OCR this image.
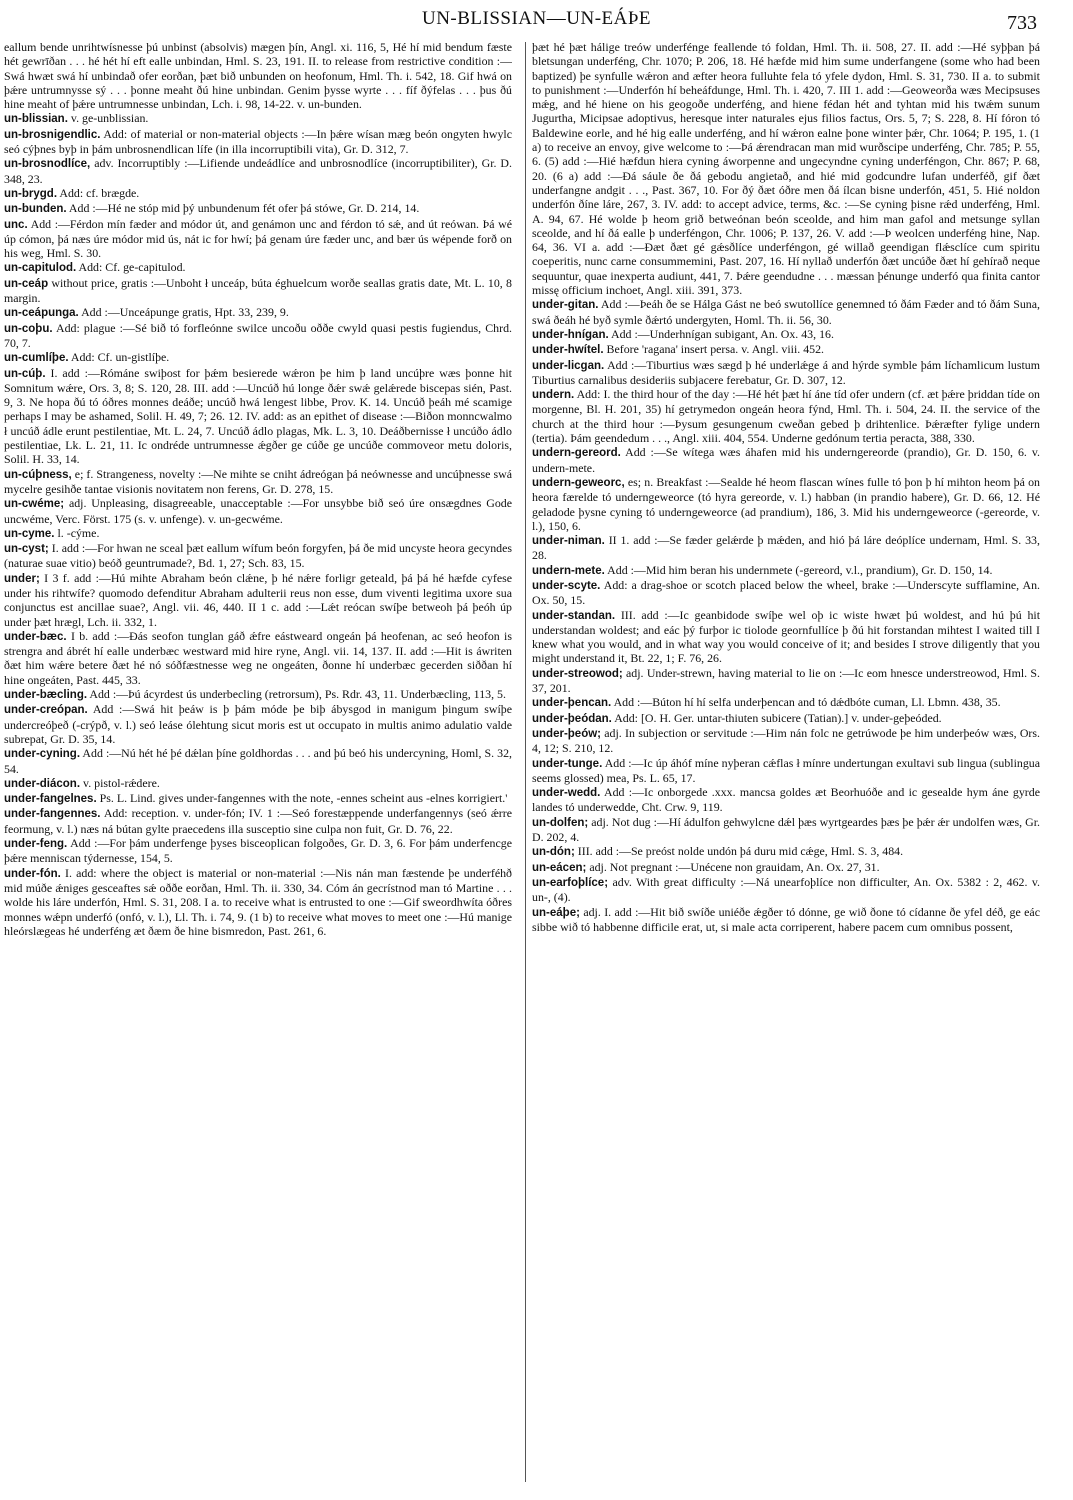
UN-BLISSIAN—UN-EÁÞE	733

eallum bende unrihtwísnesse þú unbinst (absolvis) mægen þín, Angl. xi. 116, 5, Hé hí mid bendum fæste hét gewrīðan . . . hé hét hí eft ealle unbindan, Hml. S. 23, 191. II. to release from restrictive condition :—Swá hwæt swá hí unbindað ofer eorðan, þæt bið unbunden on heofonum, Hml. Th. i. 542, 18. Gif hwá on þǽre untrumnysse sý . . . þonne meaht ðú hine unbindan. Genim þysse wyrte . . . fíf ðýfelas . . . þus ðú hine meaht of þǽre untrumnesse unbindan, Lch. i. 98, 14-22. v. un-bunden.

un-blissian. v. ge-unblissian.

un-brosnigendlic. Add: of material or non-material objects :—In þǽre wísan mæg beón ongyten hwylc seó cýþnes byþ in þám unbrosnendlican lífe (in illa incorruptibili vita), Gr. D. 312, 7.

un-brosnodlíce, adv. Incorruptibly :—Lifiende undeádlíce and unbrosnodlíce (incorruptibiliter), Gr. D. 348, 23.

un-brygd. Add: cf. brægde.

un-bunden. Add :—Hé ne stóp mid þý unbundenum fét ofer þá stówe, Gr. D. 214, 14.

unc. Add :—Férdon mín fæder and módor út, and genámon unc and férdon tó sǽ, and út reówan. Þá wé úp cómon, þá næs úre módor mid ús, nát ic for hwí; þá genam úre fæder unc, and bær ús wépende forð on his weg, Hml. S. 30.

un-capitulod. Add: Cf. ge-capitulod.

un-ceáp without price, gratis :—Unboht ł unceáp, búta éghuelcum worðe seallas gratis date, Mt. L. 10, 8 margin.

un-ceápunga. Add :—Unceápunge gratis, Hpt. 33, 239, 9.

un-coþu. Add: plague :—Sé bið tó forfleónne swilce uncoðu oððe cwyld quasi pestis fugiendus, Chrd. 70, 7.

un-cumlíþe. Add: Cf. un-gistlíþe.

un-cúþ. I. add :—Rómáne swiþost for þǽm besierede wǽron þe him þ land uncúþre wæs þonne hit Somnitum wǽre, Ors. 3, 8; S. 120, 28. III. add :—Uncúð hú longe ðǽr swǽ gelǽrede biscepas sién, Past. 9, 3. Ne hopa ðú tó óðres monnes deáðe; uncúð hwá lengest libbe, Prov. K. 14. Uncúð þeáh mé scamige perhaps I may be ashamed, Solil. H. 49, 7; 26. 12. IV. add: as an epithet of disease :—Biðon monncwalmo ł uncúð ádle erunt pestilentiae, Mt. L. 24, 7. Uncúð ádlo plagas, Mk. L. 3, 10. Deáðbernisse ł uncúðo ádlo pestilentiae, Lk. L. 21, 11. Ic ondréde untrumnesse ǽgðer ge cúðe ge uncúðe commoveor metu doloris, Solil. H. 33, 14.

un-cúþness, e; f. Strangeness, novelty :—Ne mihte se cniht ádreógan þá neównesse and uncúþnesse swá mycelre gesihðe tantae visionis novitatem non ferens, Gr. D. 278, 15.

un-cwéme; adj. Unpleasing, disagreeable, unacceptable :—For unsybbe bið seó úre onsægdnes Gode uncwéme, Verc. Först. 175 (s. v. unfenge). v. un-gecwéme.

un-cyme. l. -cýme.

un-cyst; I. add :—For hwan ne sceal þæt eallum wífum beón forgyfen, þá ðe mid uncyste heora gecyndes (naturae suae vitio) beóð geuntrumade?, Bd. 1, 27; Sch. 83, 15.

under; I 3 f. add :—Hú mihte Abraham beón clǽne, þ hé nǽre forligr geteald, þá þá hé hæfde cyfese under his rihtwífe? quomodo defenditur Abraham adulterii reus non esse, dum viventi legitima uxore sua conjunctus est ancillae suae?, Angl. vii. 46, 440. II 1 c. add :—Lǽt reócan swíþe betweoh þá þeóh úp under þæt hrægl, Lch. ii. 332, 1.

under-bæc. I b. add :—Ðás seofon tunglan gáð ǽfre eástweard ongeán þá heofenan, ac seó heofon is strengra and ábrét hí ealle underbæc westward mid hire ryne, Angl. vii. 14, 137. II. add :—Hit is áwriten ðæt him wǽre betere ðæt hé nó sóðfæstnesse weg ne ongeáten, ðonne hí underbæc gecerden siððan hí hine ongeáten, Past. 445, 33.

under-bæcling. Add :—Þú ácyrdest ús underbecling (retrorsum), Ps. Rdr. 43, 11. Underbæcling, 113, 5.

under-creópan. Add :—Swá hit þeáw is þ þám móde þe biþ ábysgod in manigum þingum swíþe undercreóþeð (-crýpð, v. l.) seó leáse ólehtung sicut moris est ut occupato in multis animo adulatio valde subrepat, Gr. D. 35, 14.

under-cyning. Add :—Nú hét hé þé dǽlan þíne goldhordas . . . and þú beó his undercyning, Homl, S. 32, 54.

under-diácon. v. pistol-rǽdere.

under-fangelnes. Ps. L. Lind. gives under-fangennes with the note, -ennes scheint aus -elnes korrigiert.'

under-fangennes. Add: reception. v. under-fón; IV. 1 :—Seó forestæppende underfangennys (seó ǽrre feormung, v. l.) næs ná bútan gylte praecedens illa susceptio sine culpa non fuit, Gr. D. 76, 22.

under-feng. Add :—For þám underfenge þyses bisceoplican folgoðes, Gr. D. 3, 6. For þám underfencge þǽre menniscan týdernesse, 154, 5.

under-fón. I. add: where the object is material or non-material :—Nis nán man fæstende þe underféhð mid múðe ǽniges gesceaftes sǽ oððe eorðan, Hml. Th. ii. 330, 34. Cóm án gecrístnod man tó Martine . . . wolde his láre underfón, Hml. S. 31, 208. I a. to receive what is entrusted to one :—Gif sweordhwíta óðres monnes wǽpn underfó (onfó, v. l.), Ll. Th. i. 74, 9. (1 b) to receive what moves to meet one :—Hú manige hleórslægeas hé underféng æt ðæm ðe hine bismredon, Past. 261, 6.

þæt hé þæt hálige treów underfénge feallende tó foldan, Hml. Th. ii. 508, 27. II. add :—Hé syþþan þá bletsungan underféng, Chr. 1070; P. 206, 18. Hé hæfde mid him sume underfangene (some who had been baptized) þe synfulle wǽron and æfter heora fulluhte fela tó yfele dydon, Hml. S. 31, 730. II a. to submit to punishment :—Underfón hí beheáfdunge, Hml. Th. i. 420, 7. III 1. add :—Geoweorða wæs Mecipsuses mǽg, and hé hiene on his geogoðe underféng, and hiene fédan hét and tyhtan mid his twǽm sunum Jugurtha, Micipsae adoptivus, heresque inter naturales ejus filios factus, Ors. 5, 7; S. 228, 8. Hí fóron tó Baldewine eorle, and hé hig ealle underféng, and hí wǽron ealne þone winter þǽr, Chr. 1064; P. 195, 1. (1 a) to receive an envoy, give welcome to :—Þá ǽrendracan man mid wurðscipe underféng, Chr. 785; P. 55, 6. (5) add :—Hié hæfdun hiera cyning áworpenne and ungecyndne cyning underféngon, Chr. 867; P. 68, 20. (6 a) add :—Ðá sáule ðe ðá gebodu angietað, and hié mid godcundre lufan underféð, gif ðæt underfangne andgit . . ., Past. 367, 10. For ðý ðæt óðre men ðá ílcan bisne underfón, 451, 5. Hié noldon underfón ðíne láre, 267, 3. IV. add: to accept advice, terms, &c. :—Se cyning þisne rǽd underféng, Hml. A. 94, 67. Hé wolde þ heom grið betweónan beón sceolde, and him man gafol and metsunge syllan sceolde, and hí ðá ealle þ underféngon, Chr. 1006; P. 137, 26. V. add :—Þ weolcen underféng hine, Nap. 64, 36. VI a. add :—Ðæt ðæt gé gǽsðlíce underféngon, gé willað geendigan flǽsclíce cum spiritu coeperitis, nunc carne consummemini, Past. 207, 16. Hí nyllað underfón ðæt uncúðe ðæt hí gehírað neque sequuntur, quae inexperta audiunt, 441, 7. Þǽre geendudne . . . mæssan þénunge underfó qua finita cantor missę officium inchoet, Angl. xiii. 391, 373.

under-gitan. Add :—Þeáh ðe se Hálga Gást ne beó swutollíce genemned tó ðám Fæder and tó ðám Suna, swá ðeáh hé byð symle ðǽrtó undergyten, Homl. Th. ii. 56, 30.

under-hnígan. Add :—Underhnígan subigant, An. Ox. 43, 16.

under-hwítel. Before 'ragana' insert persa. v. Angl. viii. 452.

under-licgan. Add :—Tiburtius wæs sægd þ hé underlǽge á and hýrde symble þám líchamlicum lustum Tiburtius carnalibus desideriis subjacere ferebatur, Gr. D. 307, 12.

undern. Add: I. the third hour of the day :—Hé hét þæt hí áne tíd ofer undern (cf. æt þǽre þriddan tíde on morgenne, Bl. H. 201, 35) hí getrymedon ongeán heora fýnd, Hml. Th. i. 504, 24. II. the service of the church at the third hour :—Þysum gesungenum cweðan gebed þ drihtenlice. Þǽræfter fylige undern (tertia). Þám geendedum . . ., Angl. xiii. 404, 554. Underne gedónum tertia peracta, 388, 330.

undern-gereord. Add :—Se wítega wæs áhafen mid his underngereorde (prandio), Gr. D. 150, 6. v. undern-mete.

undern-geweorc, es; n. Breakfast :—Sealde hé heom flascan wínes fulle tó þon þ hí mihton heom þá on heora færelde tó underngeweorce (tó hyra gereorde, v. l.) habban (in prandio habere), Gr. D. 66, 12. Hé geladode þysne cyning tó underngeweorce (ad prandium), 186, 3. Mid his underngeweorce (-gereorde, v. l.), 150, 6.

under-niman. II 1. add :—Se fæder gelǽrde þ mǽden, and hió þá láre deóplíce undernam, Hml. S. 33, 28.

undern-mete. Add :—Mid him beran his undernmete (-gereord, v.l., prandium), Gr. D. 150, 14.

under-scyte. Add: a drag-shoe or scotch placed below the wheel, brake :—Underscyte sufflamine, An. Ox. 50, 15.

under-standan. III. add :—Ic geanbidode swíþe wel oþ ic wiste hwæt þú woldest, and hú þú hit understandan woldest; and eác þý furþor ic tiolode geornfullíce þ ðú hit forstandan mihtest I waited till I knew what you would, and in what way you would conceive of it; and besides I strove diligently that you might understand it, Bt. 22, 1; F. 76, 26.

under-streowod; adj. Under-strewn, having material to lie on :—Ic eom hnesce understreowod, Hml. S. 37, 201.

under-þencan. Add :—Búton hí hí selfa underþencan and tó dǽdbóte cuman, Ll. Lbmn. 438, 35.

under-þeódan. Add: [O. H. Ger. untar-thiuten subicere (Tatian).] v. under-geþeóded.

under-þeów; adj. In subjection or servitude :—Him nán folc ne getrúwode þe him underþeów wæs, Ors. 4, 12; S. 210, 12.

under-tunge. Add :—Ic úp áhóf míne nyþeran cǽflas ł mínre undertungan exultavi sub lingua (sublingua seems glossed) mea, Ps. L. 65, 17.

under-wedd. Add :—Ic onborgede .xxx. mancsa goldes æt Beorhuóðe and ic gesealde hym áne gyrde landes tó underwedde, Cht. Crw. 9, 119.

un-dolfen; adj. Not dug :—Hí ádulfon gehwylcne dǽl þæs wyrtgeardes þæs þe þǽr ǽr undolfen wæs, Gr. D. 202, 4.

un-dón; III. add :—Se preóst nolde undón þá duru mid cǽge, Hml. S. 3, 484.

un-eácen; adj. Not pregnant :—Unécene non grauidam, An. Ox. 27, 31.

un-earfoþlíce; adv. With great difficulty :—Ná unearfoþlíce non difficulter, An. Ox. 5382 : 2, 462. v. un-, (4).

un-eáþe; adj. I. add :—Hit bið swíðe uniéðe ǽgðer tó dónne, ge wið ðone tó cídanne ðe yfel déð, ge eác sibbe wið tó habbenne difficile erat, ut, si male acta corriperent, habere pacem cum omnibus possent,
